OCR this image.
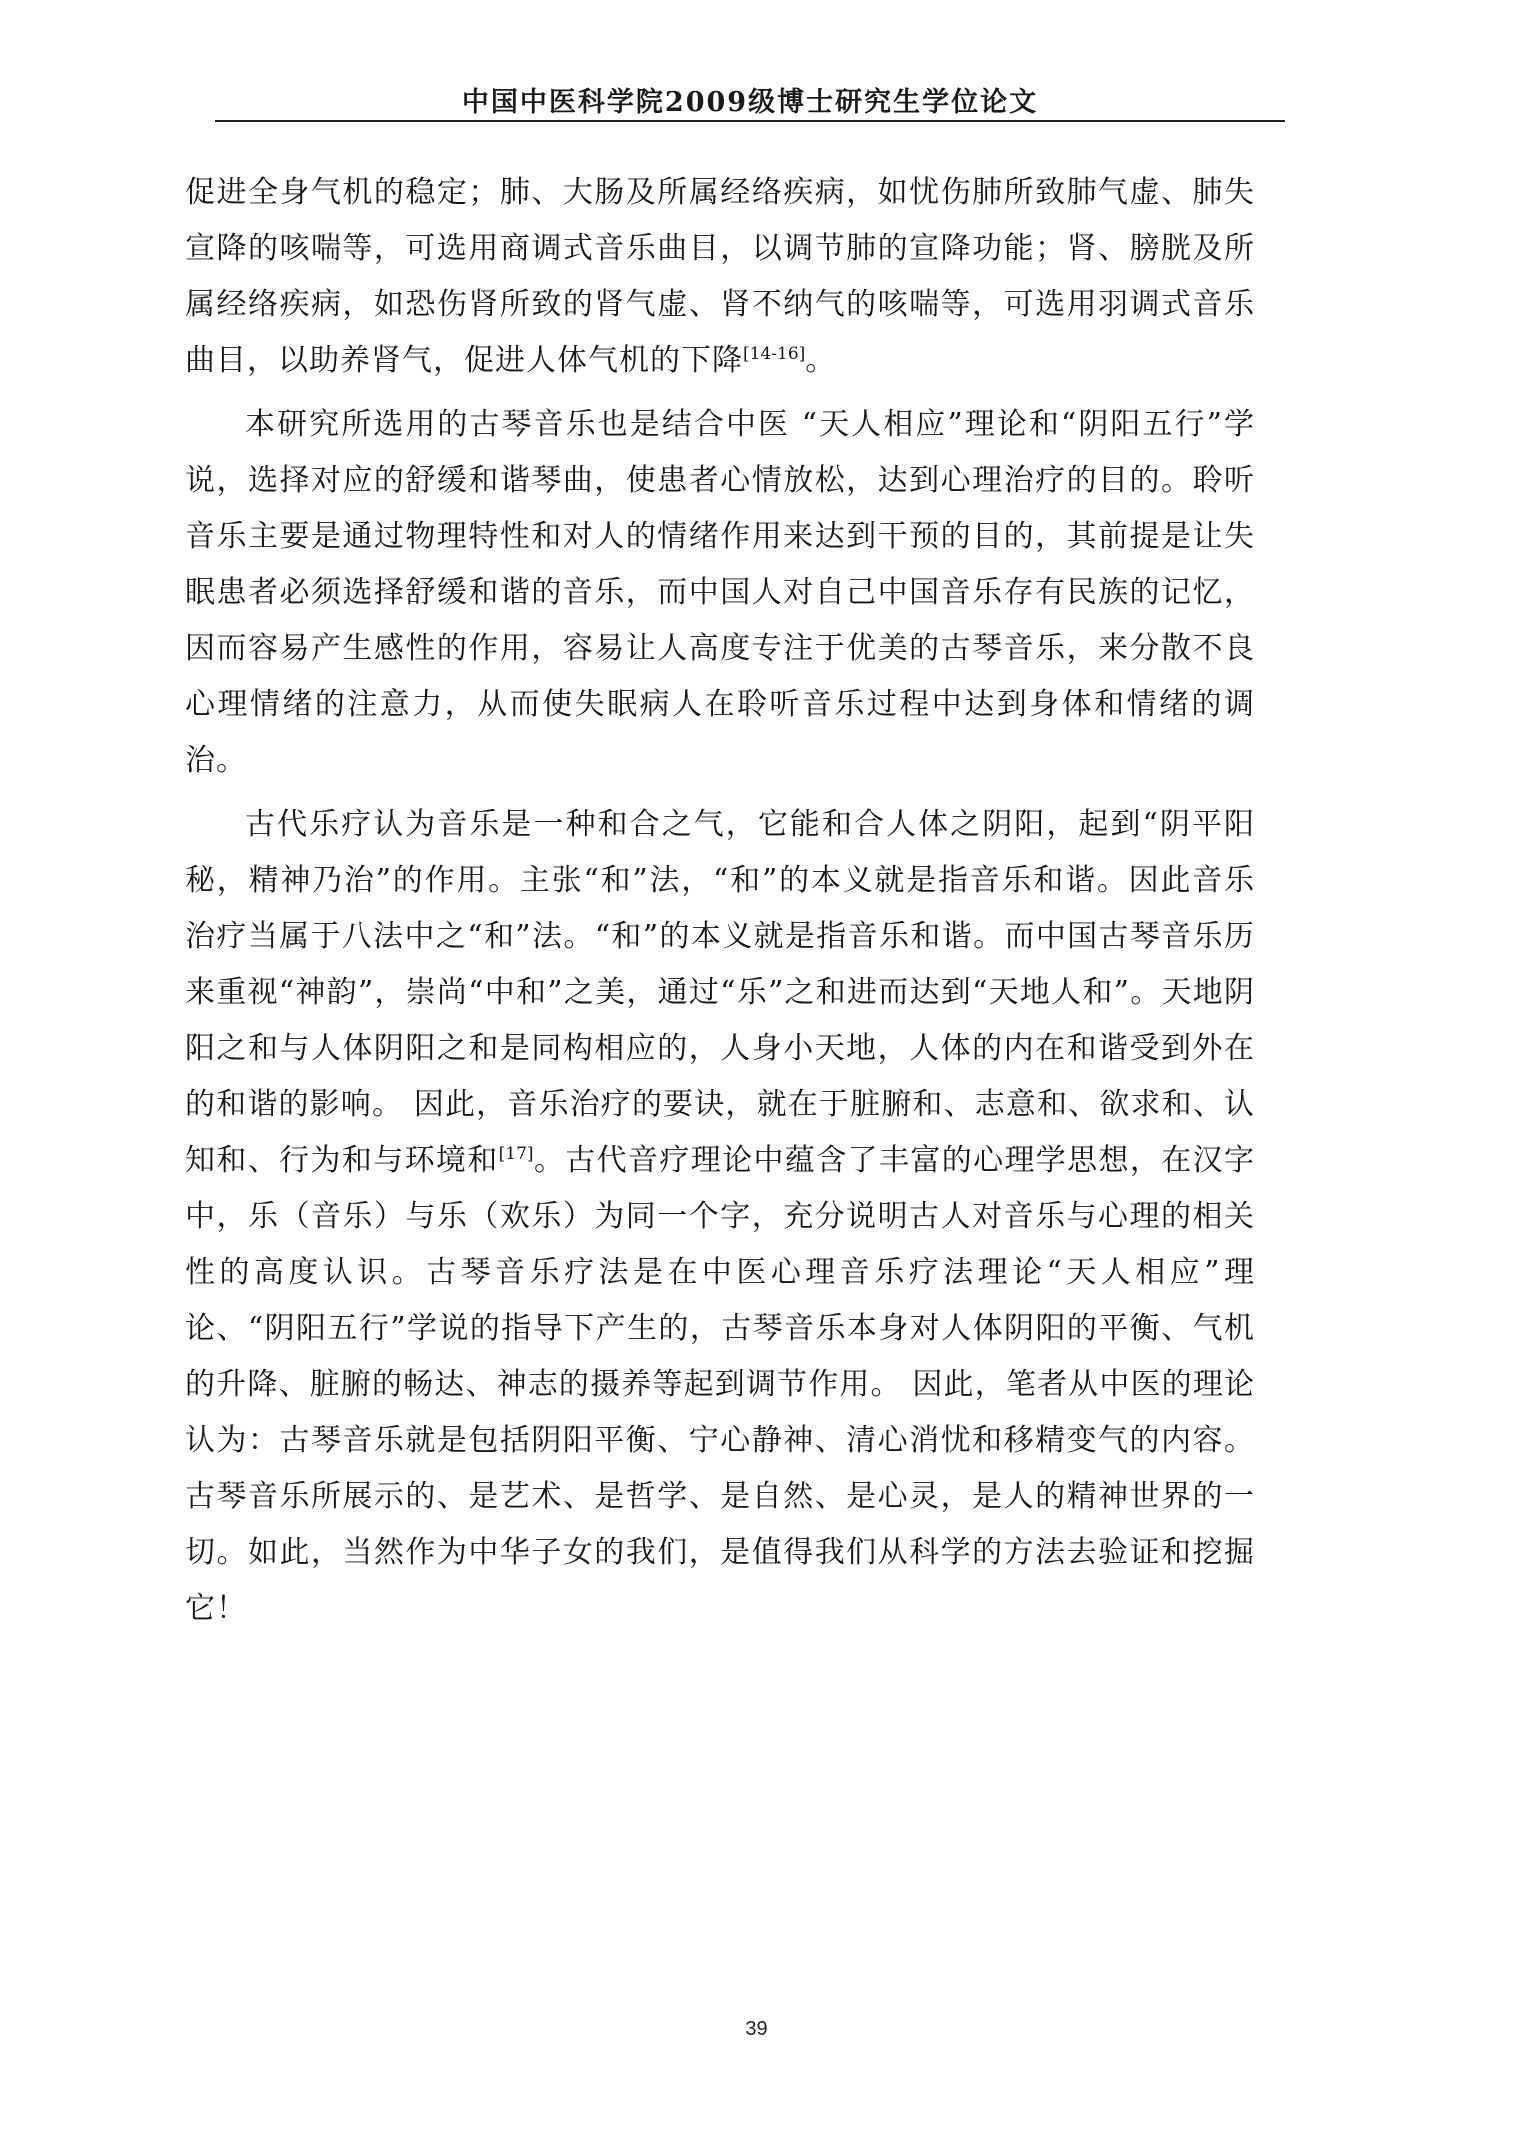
中国中医科学院2009级博士研究生学位论文

促进全身气机的稳定；肺、大肠及所属经络疾病，如忧伤肺所致肺气虚、肺失宣降的咳喘等，可选用商调式音乐曲目，以调节肺的宣降功能；肾、膀胱及所属经络疾病，如恐伤肾所致的肾气虚、肾不纳气的咳喘等，可选用羽调式音乐曲目，以助养肾气，促进人体气机的下降[14-16]。

本研究所选用的古琴音乐也是结合中医 “天人相应”理论和“阴阳五行”学说，选择对应的舒缓和谐琴曲，使患者心情放松，达到心理治疗的目的。聆听音乐主要是通过物理特性和对人的情绪作用来达到干预的目的，其前提是让失眠患者必须选择舒缓和谐的音乐，而中国人对自己中国音乐存有民族的记忆，因而容易产生感性的作用，容易让人高度专注于优美的古琴音乐，来分散不良心理情绪的注意力，从而使失眠病人在聆听音乐过程中达到身体和情绪的调治。

古代乐疗认为音乐是一种和合之气，它能和合人体之阴阳，起到“阴平阳秘，精神乃治”的作用。主张“和”法，“和”的本义就是指音乐和谐。因此音乐治疗当属于八法中之“和”法。“和”的本义就是指音乐和谐。而中国古琴音乐历来重视“神韵”，崇尚“中和”之美，通过“乐”之和进而达到“天地人和”。天地阴阳之和与人体阴阳之和是同构相应的，人身小天地，人体的内在和谐受到外在的和谐的影响。 因此，音乐治疗的要诀，就在于脏腑和、志意和、欲求和、认知和、行为和与环境和[17]。古代音疗理论中蕴含了丰富的心理学思想，在汉字中，乐（音乐）与乐（欢乐）为同一个字，充分说明古人对音乐与心理的相关性的高度认识。古琴音乐疗法是在中医心理音乐疗法理论“天人相应”理论、“阴阳五行”学说的指导下产生的，古琴音乐本身对人体阴阳的平衡、气机的升降、脏腑的畅达、神志的摄养等起到调节作用。 因此，笔者从中医的理论认为：古琴音乐就是包括阴阳平衡、宁心静神、清心消忧和移精变气的内容。古琴音乐所展示的、是艺术、是哲学、是自然、是心灵，是人的精神世界的一切。如此，当然作为中华子女的我们，是值得我们从科学的方法去验证和挖掘它！

39
